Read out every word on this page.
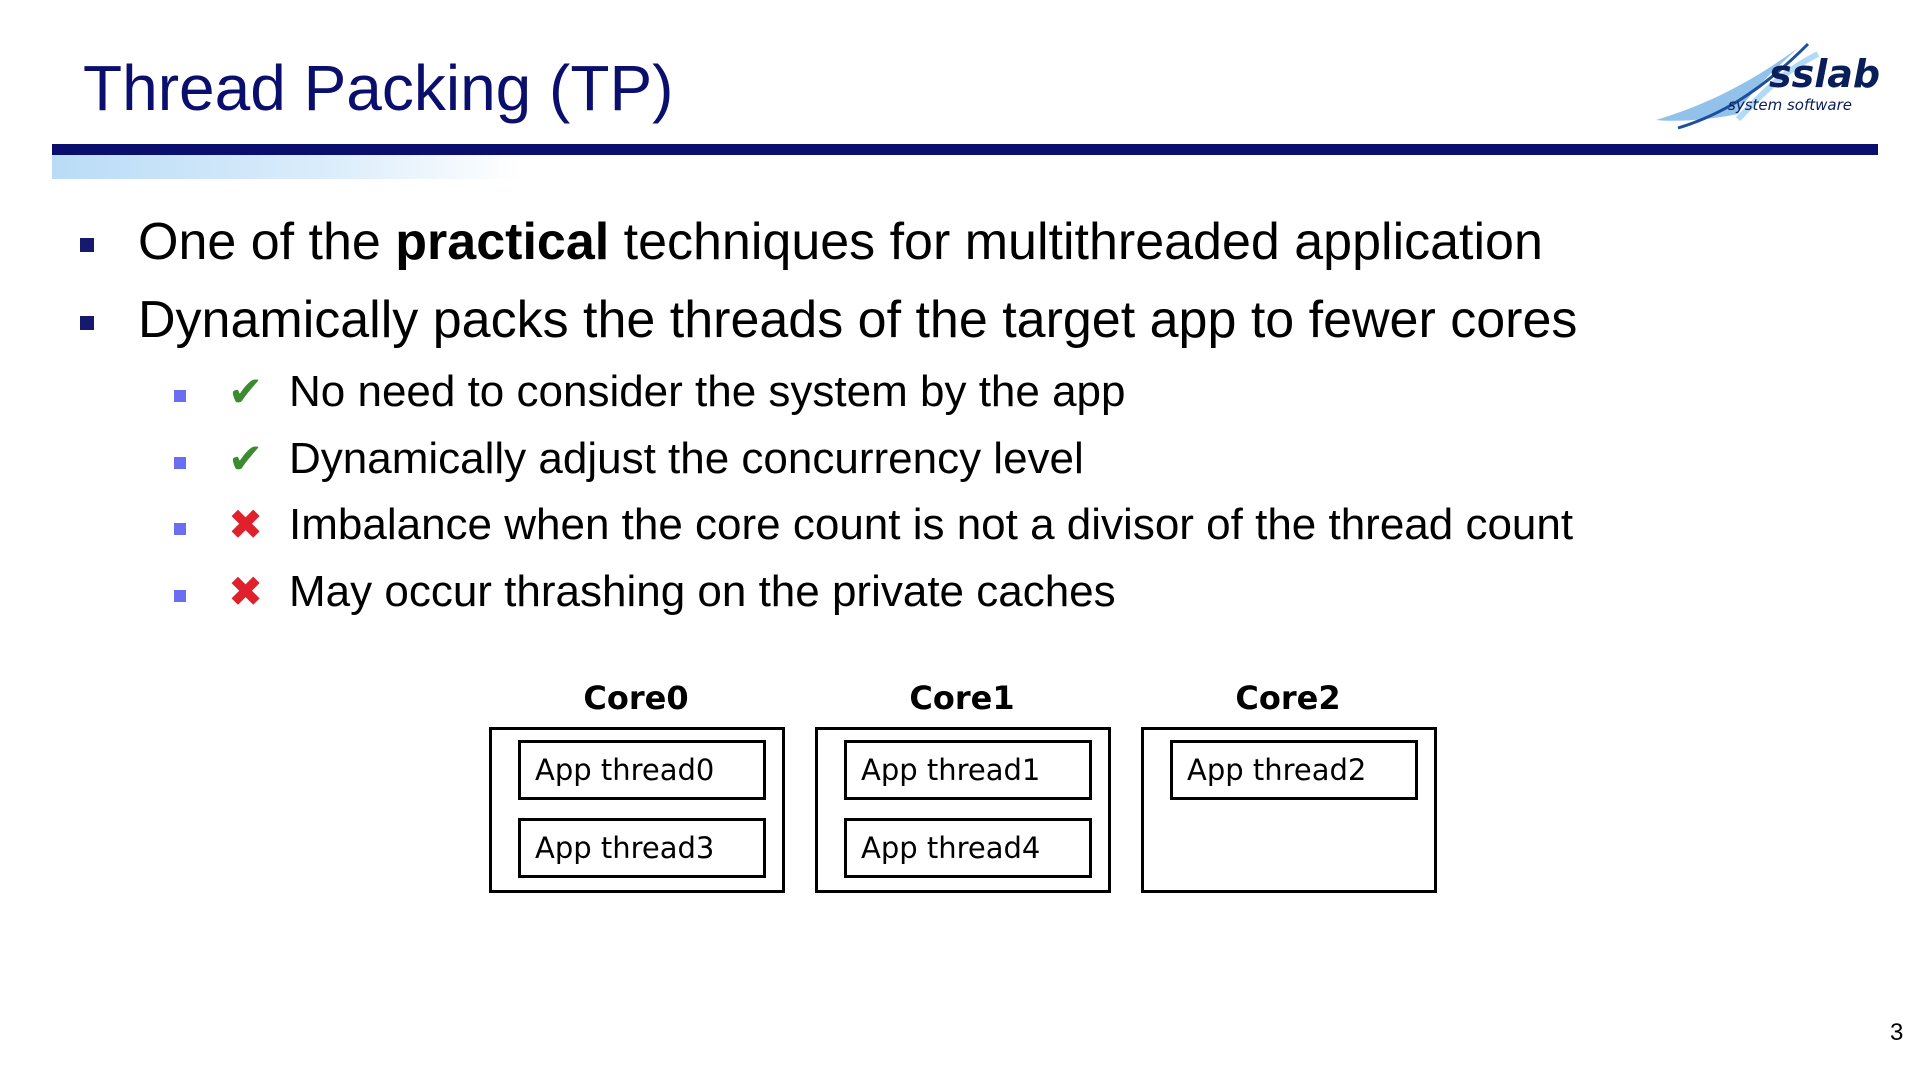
Thread Packing (TP)	sslab
system software
One of the practical techniques for multithreaded application
Dynamically packs the threads of the target app to fewer cores
✔ No need to consider the system by the app
✔ Dynamically adjust the concurrency level
✖ Imbalance when the core count is not a divisor of the thread count
✖ May occur thrashing on the private caches
Core0
App thread0
App thread3
Core1
App thread1
App thread4
Core2
App thread2
3
